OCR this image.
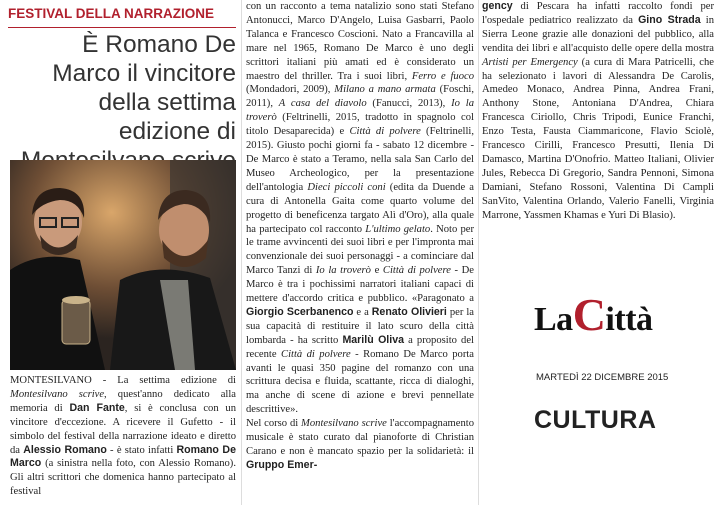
FESTIVAL DELLA NARRAZIONE
È Romano De Marco il vincitore della settima edizione di

MONTESILVANO - La settima edizione di Montesilvano scrive, quest'anno dedicato alla memoria di Dan Fante, si è conclusa con un vincitore d'eccezione. A ricevere il Gufetto - il simbolo del festival della narrazione ideato e diretto da Alessio Romano - è stato infatti Romano De Marco (a sinistra nella foto, con Alessio Romano). Gli altri scrittori che domenica hanno partecipato al festival

con un racconto a tema natalizio sono stati Stefano Antonucci, Marco D'Angelo, Luisa Gasbarri, Paolo Talanca e Francesco Coscioni. Nato a Francavilla al mare nel 1965, Romano De Marco è uno degli scrittori italiani più amati ed è considerato un maestro del thriller. Tra i suoi libri, Ferro e fuoco (Mondadori, 2009), Milano a mano armata (Foschi, 2011), A casa del diavolo (Fanucci, 2013), Io la troverò (Feltrinelli, 2015, tradotto in spagnolo col titolo Desaparecida) e Città di polvere (Feltrinelli, 2015). Giusto pochi giorni fa - sabato 12 dicembre - De Marco è stato a Teramo, nella sala San Carlo del Museo Archeologico, per la presentazione dell'antologia Dieci piccoli coni (edita da Duende a cura di Antonella Gaita come quarto volume del progetto di beneficenza targato Alì d'Oro), alla quale ha partecipato col racconto L'ultimo gelato. Noto per le trame avvincenti dei suoi libri e per l'impronta mai convenzionale dei suoi personaggi - a cominciare dal Marco Tanzi di Io la troverò e Città di polvere - De Marco è tra i pochissimi narratori italiani capaci di mettere d'accordo critica e pubblico. «Paragonato a Giorgio Scerbanenco e a Renato Olivieri per la sua capacità di restituire il lato scuro della città lombarda - ha scritto Marilù Oliva a proposito del recente Città di polvere - Romano De Marco porta avanti le quasi 350 pagine del romanzo con una scrittura decisa e fluida, scattante, ricca di dialoghi, ma anche di scene di azione e brevi pennellate descrittive».

Nel corso di Montesilvano scrive l'accompagnamento musicale è stato curato dal pianoforte di Christian Carano e non è mancato spazio per la solidarietà: il Gruppo Emer-

gency di Pescara ha infatti raccolto fondi per l'ospedale pediatrico realizzato da Gino Strada in Sierra Leone grazie alle donazioni del pubblico, alla vendita dei libri e all'acquisto delle opere della mostra Artisti per Emergency (a cura di Mara Patricelli, che ha selezionato i lavori di Alessandra De Carolis, Amedeo Monaco, Andrea Pinna, Andrea Frani, Anthony Stone, Antoniana D'Andrea, Chiara Francesca Ciriollo, Chris Tripodi, Eunice Franchi, Enzo Testa, Fausta Ciammaricone, Flavio Sciolè, Francesco Cirilli, Francesco Presutti, Ilenia Di Damasco, Martina D'Onofrio. Matteo Italiani, Olivier Jules, Rebecca Di Gregorio, Sandra Pennoni, Simona Damiani, Stefano Rossoni, Valentina Di Campli SanVito, Valentina Orlando, Valerio Fanelli, Virginia Marrone, Yassmen Khamas e Yuri Di Blasio).

LaCittà
MARTEDÌ 22 DICEMBRE 2015
CULTURA
